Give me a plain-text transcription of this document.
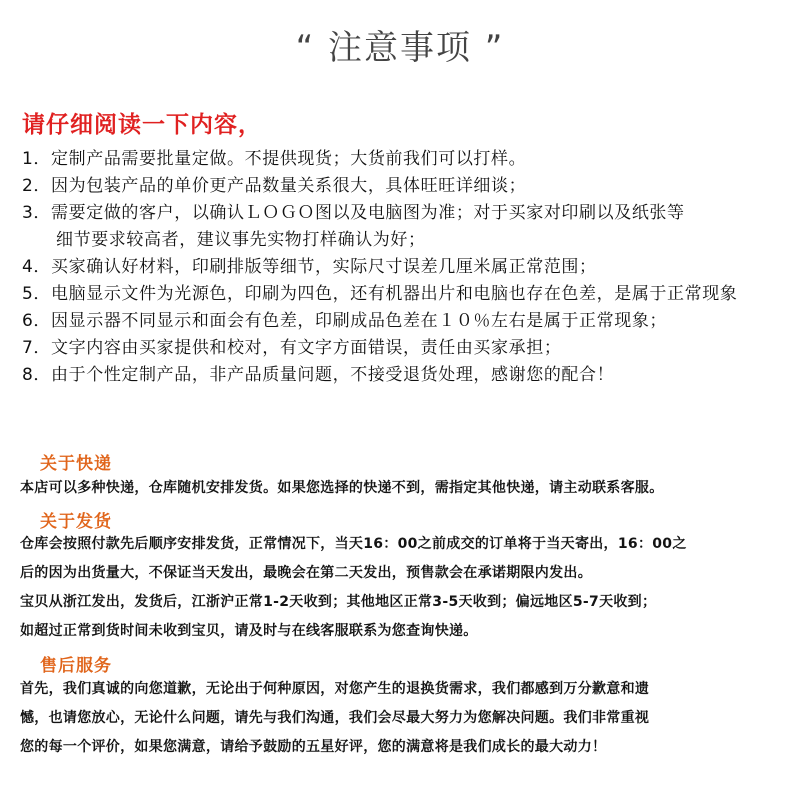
“ 注意事项 ”
请仔细阅读一下内容，
1．定制产品需要批量定做。不提供现货；大货前我们可以打样。
2．因为包装产品的单价更产品数量关系很大，具体旺旺详细谈；
3．需要定做的客户，以确认ＬＯＧＯ图以及电脑图为准；对于买家对印刷以及纸张等
细节要求较高者，建议事先实物打样确认为好；
4．买家确认好材料，印刷排版等细节，实际尺寸误差几厘米属正常范围；
5．电脑显示文件为光源色，印刷为四色，还有机器出片和电脑也存在色差，是属于正常现象
6．因显示器不同显示和面会有色差，印刷成品色差在１０％左右是属于正常现象；
7．文字内容由买家提供和校对，有文字方面错误，责任由买家承担；
8．由于个性定制产品，非产品质量问题，不接受退货处理，感谢您的配合！
关于快递
本店可以多种快递，仓库随机安排发货。如果您选择的快递不到，需指定其他快递，请主动联系客服。
关于发货
仓库会按照付款先后顺序安排发货，正常情况下，当天16：00之前成交的订单将于当天寄出，16：00之
后的因为出货量大，不保证当天发出，最晚会在第二天发出，预售款会在承诺期限内发出。
宝贝从浙江发出，发货后，江浙沪正常1-2天收到；其他地区正常3-5天收到；偏远地区5-7天收到；
如超过正常到货时间未收到宝贝，请及时与在线客服联系为您查询快递。
售后服务
首先，我们真诚的向您道歉，无论出于何种原因，对您产生的退换货需求，我们都感到万分歉意和遗
憾，也请您放心，无论什么问题，请先与我们沟通，我们会尽最大努力为您解决问题。我们非常重视
您的每一个评价，如果您满意，请给予鼓励的五星好评，您的满意将是我们成长的最大动力！
